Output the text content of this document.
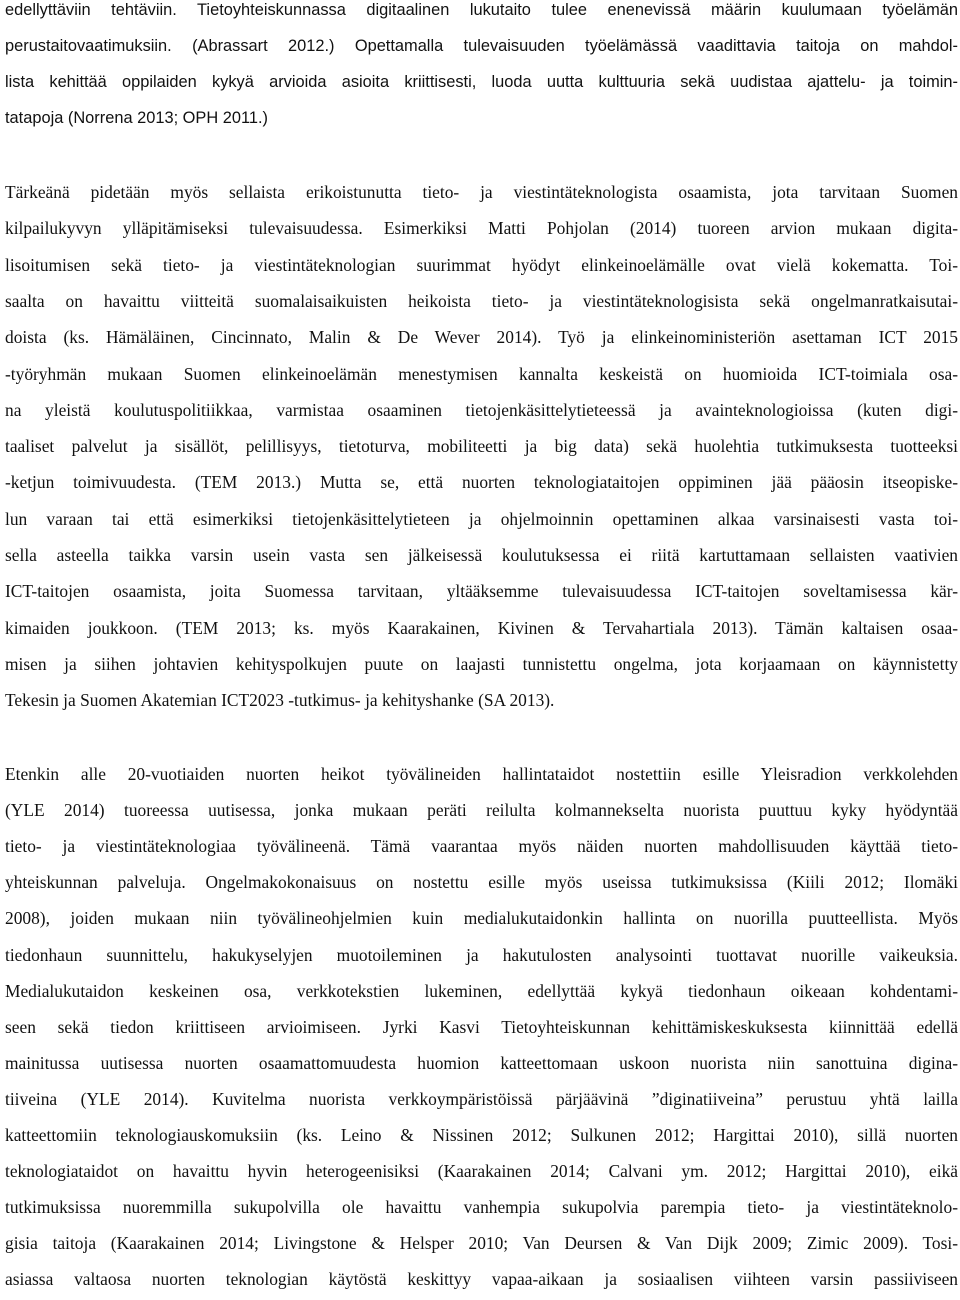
edellyttäviin tehtäviin. Tietoyhteiskunnassa digitaalinen lukutaito tulee enenevissä määrin kuulumaan työelämän
perustaitovaatimuksiin. (Abrassart 2012.) Opettamalla tulevaisuuden työelämässä vaadittavia taitoja on mahdol-
lista kehittää oppilaiden kykyä arvioida asioita kriittisesti, luoda uutta kulttuuria sekä uudistaa ajattelu- ja toimin-
tatapoja (Norrena 2013; OPH 2011.)
Tärkeänä pidetään myös sellaista erikoistunutta tieto- ja viestintäteknologista osaamista, jota tarvitaan Suomen
kilpailukyvyn ylläpitämiseksi tulevaisuudessa. Esimerkiksi Matti Pohjolan (2014) tuoreen arvion mukaan digita-
lisoitumisen sekä tieto- ja viestintäteknologian suurimmat hyödyt elinkeinoelämälle ovat vielä kokematta. Toi-
saalta on havaittu viitteitä suomalaisaikuisten heikoista tieto- ja viestintäteknologisista sekä ongelmanratkaisutai-
doista (ks. Hämäläinen, Cincinnato, Malin & De Wever 2014). Työ ja elinkeinoministeriön asettaman ICT 2015
-työryhmän mukaan Suomen elinkeinoelämän menestymisen kannalta keskeistä on huomioida ICT-toimiala osa-
na yleistä koulutuspolitiikkaa, varmistaa osaaminen tietojenkäsittelytieteessä ja avainteknologioissa (kuten digi-
taaliset palvelut ja sisällöt, pelillisyys, tietoturva, mobiliteetti ja big data) sekä huolehtia tutkimuksesta tuotteeksi
-ketjun toimivuudesta. (TEM 2013.) Mutta se, että nuorten teknologiataitojen oppiminen jää pääosin itseopiske-
lun varaan tai että esimerkiksi tietojenkäsittelytieteen ja ohjelmoinnin opettaminen alkaa varsinaisesti vasta toi-
sella asteella taikka varsin usein vasta sen jälkeisessä koulutuksessa ei riitä kartuttamaan sellaisten vaativien
ICT-taitojen osaamista, joita Suomessa tarvitaan, yltääksemme tulevaisuudessa ICT-taitojen soveltamisessa kär-
kimaiden joukkoon. (TEM 2013; ks. myös Kaarakainen, Kivinen & Tervahartiala 2013). Tämän kaltaisen osaa-
misen ja siihen johtavien kehityspolkujen puute on laajasti tunnistettu ongelma, jota korjaamaan on käynnistetty
Tekesin ja Suomen Akatemian ICT2023 -tutkimus- ja kehityshanke (SA 2013).
Etenkin alle 20-vuotiaiden nuorten heikot työvälineiden hallintataidot nostettiin esille Yleisradion verkkolehden
(YLE 2014) tuoreessa uutisessa, jonka mukaan peräti reilulta kolmannekselta nuorista puuttuu kyky hyödyntää
tieto- ja viestintäteknologiaa työvälineenä. Tämä vaarantaa myös näiden nuorten mahdollisuuden käyttää tieto-
yhteiskunnan palveluja. Ongelmakokonaisuus on nostettu esille myös useissa tutkimuksissa (Kiili 2012; Ilomäki
2008), joiden mukaan niin työvälineohjelmien kuin medialukutaidonkin hallinta on nuorilla puutteellista. Myös
tiedonhaun suunnittelu, hakukyselyjen muotoileminen ja hakutulosten analysointi tuottavat nuorille vaikeuksia.
Medialukutaidon keskeinen osa, verkkotekstien lukeminen, edellyttää kykyä tiedonhaun oikeaan kohdentami-
seen sekä tiedon kriittiseen arvioimiseen. Jyrki Kasvi Tietoyhteiskunnan kehittämiskeskuksesta kiinnittää edellä
mainitussa uutisessa nuorten osaamattomuudesta huomion katteettomaan uskoon nuorista niin sanottuina digina-
tiiveina (YLE 2014). Kuvitelma nuorista verkkoympäristöissä pärjäävinä ”diginatiiveina” perustuu yhtä lailla
katteettomiin teknologiauskomuksiin (ks. Leino & Nissinen 2012; Sulkunen 2012; Hargittai 2010), sillä nuorten
teknologiataidot on havaittu hyvin heterogeenisiksi (Kaarakainen 2014; Calvani ym. 2012; Hargittai 2010), eikä
tutkimuksissa nuoremmilla sukupolvilla ole havaittu vanhempia sukupolvia parempia tieto- ja viestintäteknolo-
gisia taitoja (Kaarakainen 2014; Livingstone & Helsper 2010; Van Deursen & Van Dijk 2009; Zimic 2009). Tosi-
asiassa valtaosa nuorten teknologian käytöstä keskittyy vapaa-aikaan ja sosiaalisen viihteen varsin passiiviseen
